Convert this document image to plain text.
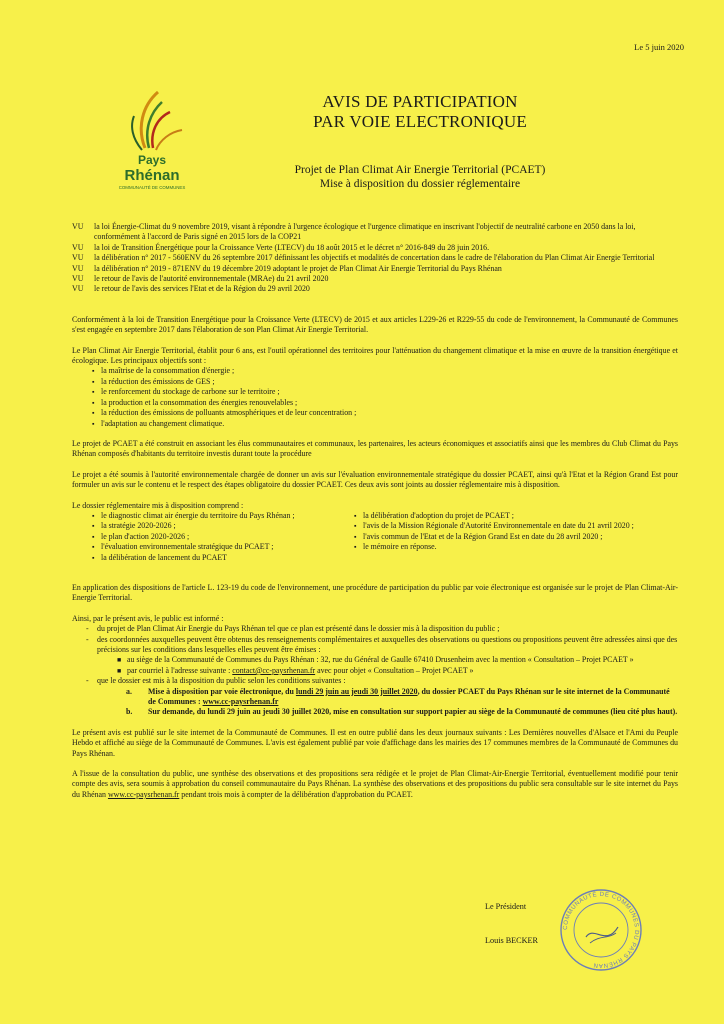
Le 5 juin 2020
Pays
Rhénan
COMMUNAUTÉ DE COMMUNES
AVIS DE PARTICIPATION
PAR VOIE ELECTRONIQUE
Projet de Plan Climat Air Energie Territorial (PCAET)
Mise à disposition du dossier réglementaire
VU	la loi Énergie-Climat du 9 novembre 2019, visant à répondre à l'urgence écologique et l'urgence climatique en inscrivant l'objectif de neutralité carbone en 2050 dans la loi, conformément à l'accord de Paris signé en 2015 lors de la COP21
VU	la loi de Transition Énergétique pour la Croissance Verte (LTECV) du 18 août 2015 et le décret n° 2016-849 du 28 juin 2016.
VU	la délibération n° 2017 - 560ENV du 26 septembre 2017 définissant les objectifs et modalités de concertation dans le cadre de l'élaboration du Plan Climat Air Energie Territorial
VU	la délibération n° 2019 - 871ENV du 19 décembre 2019 adoptant le projet de Plan Climat Air Energie Territorial du Pays Rhénan
VU	le retour de l'avis de l'autorité environnementale (MRAe) du 21 avril 2020
VU	le retour de l'avis des services l'Etat et de la Région du 29 avril 2020

Conformément à la loi de Transition Energétique pour la Croissance Verte (LTECV) de 2015 et aux articles L229-26 et R229-55 du code de l'environnement, la Communauté de Communes s'est engagée en septembre 2017 dans l'élaboration de son Plan Climat Air Energie Territorial.

Le Plan Climat Air Energie Territorial, établit pour 6 ans, est l'outil opérationnel des territoires pour l'atténuation du changement climatique et la mise en œuvre de la transition énergétique et écologique. Les principaux objectifs sont :

▪ la maîtrise de la consommation d'énergie ;
▪ la réduction des émissions de GES ;
▪ le renforcement du stockage de carbone sur le territoire ;
▪ la production et la consommation des énergies renouvelables ;
▪ la réduction des émissions de polluants atmosphériques et de leur concentration ;
▪ l'adaptation au changement climatique.

Le projet de PCAET a été construit en associant les élus communautaires et communaux, les partenaires, les acteurs économiques et associatifs ainsi que les membres du Club Climat du Pays Rhénan composés d'habitants du territoire investis durant toute la procédure

Le projet a été soumis à l'autorité environnementale chargée de donner un avis sur l'évaluation environnementale stratégique du dossier PCAET, ainsi qu'à l'Etat et la Région Grand Est pour formuler un avis sur le contenu et le respect des étapes obligatoire du dossier PCAET. Ces deux avis sont joints au dossier réglementaire mis à disposition.

Le dossier réglementaire mis à disposition comprend :

▪ le diagnostic climat air énergie du territoire du Pays Rhénan ;
▪ la stratégie 2020-2026 ;
▪ le plan d'action 2020-2026 ;
▪ l'évaluation environnementale stratégique du PCAET ;
▪ la délibération de lancement du PCAET
▪ la délibération d'adoption du projet de PCAET ;
▪ l'avis de la Mission Régionale d'Autorité Environnementale en date du 21 avril 2020 ;
▪ l'avis commun de l'Etat et de la Région Grand Est en date du 28 avril 2020 ;
▪ le mémoire en réponse.

En application des dispositions de l'article L. 123-19 du code de l'environnement, une procédure de participation du public par voie électronique est organisée sur le projet de Plan Climat-Air-Energie Territorial.

Ainsi, par le présent avis, le public est informé :

-	du projet de Plan Climat Air Energie du Pays Rhénan tel que ce plan est présenté dans le dossier mis à la disposition du public ;
-	des coordonnées auxquelles peuvent être obtenus des renseignements complémentaires et auxquelles des observations ou questions ou propositions peuvent être adressées ainsi que des précisions sur les conditions dans lesquelles elles peuvent être émises :
■ au siège de la Communauté de Communes du Pays Rhénan : 32, rue du Général de Gaulle 67410 Drusenheim avec la mention « Consultation – Projet PCAET »
■ par courriel à l'adresse suivante : contact@cc-paysrhenan.fr avec pour objet « Consultation – Projet PCAET »
-	que le dossier est mis à la disposition du public selon les conditions suivantes :
a.	Mise à disposition par voie électronique, du lundi 29 juin au jeudi 30 juillet 2020, du dossier PCAET du Pays Rhénan sur le site internet de la Communauté de Communes : www.cc-paysrhenan.fr
b.	Sur demande, du lundi 29 juin au jeudi 30 juillet 2020, mise en consultation sur support papier au siège de la Communauté de communes (lieu cité plus haut).

Le présent avis est publié sur le site internet de la Communauté de Communes. Il est en outre publié dans les deux journaux suivants : Les Dernières nouvelles d'Alsace et l'Ami du Peuple Hebdo et affiché au siège de la Communauté de Communes. L'avis est également publié par voie d'affichage dans les mairies des 17 communes membres de la Communauté de Communes du Pays Rhénan.

A l'issue de la consultation du public, une synthèse des observations et des propositions sera rédigée et le projet de Plan Climat-Air-Energie Territorial, éventuellement modifié pour tenir compte des avis, sera soumis à approbation du conseil communautaire du Pays Rhénan. La synthèse des observations et des propositions du public sera consultable sur le site internet du Pays du Rhénan www.cc-paysrhenan.fr pendant trois mois à compter de la délibération d'approbation du PCAET.

Le Président
Louis BECKER
COMMUNAUTÉ DE COMMUNES DU PAYS RHÉNAN
